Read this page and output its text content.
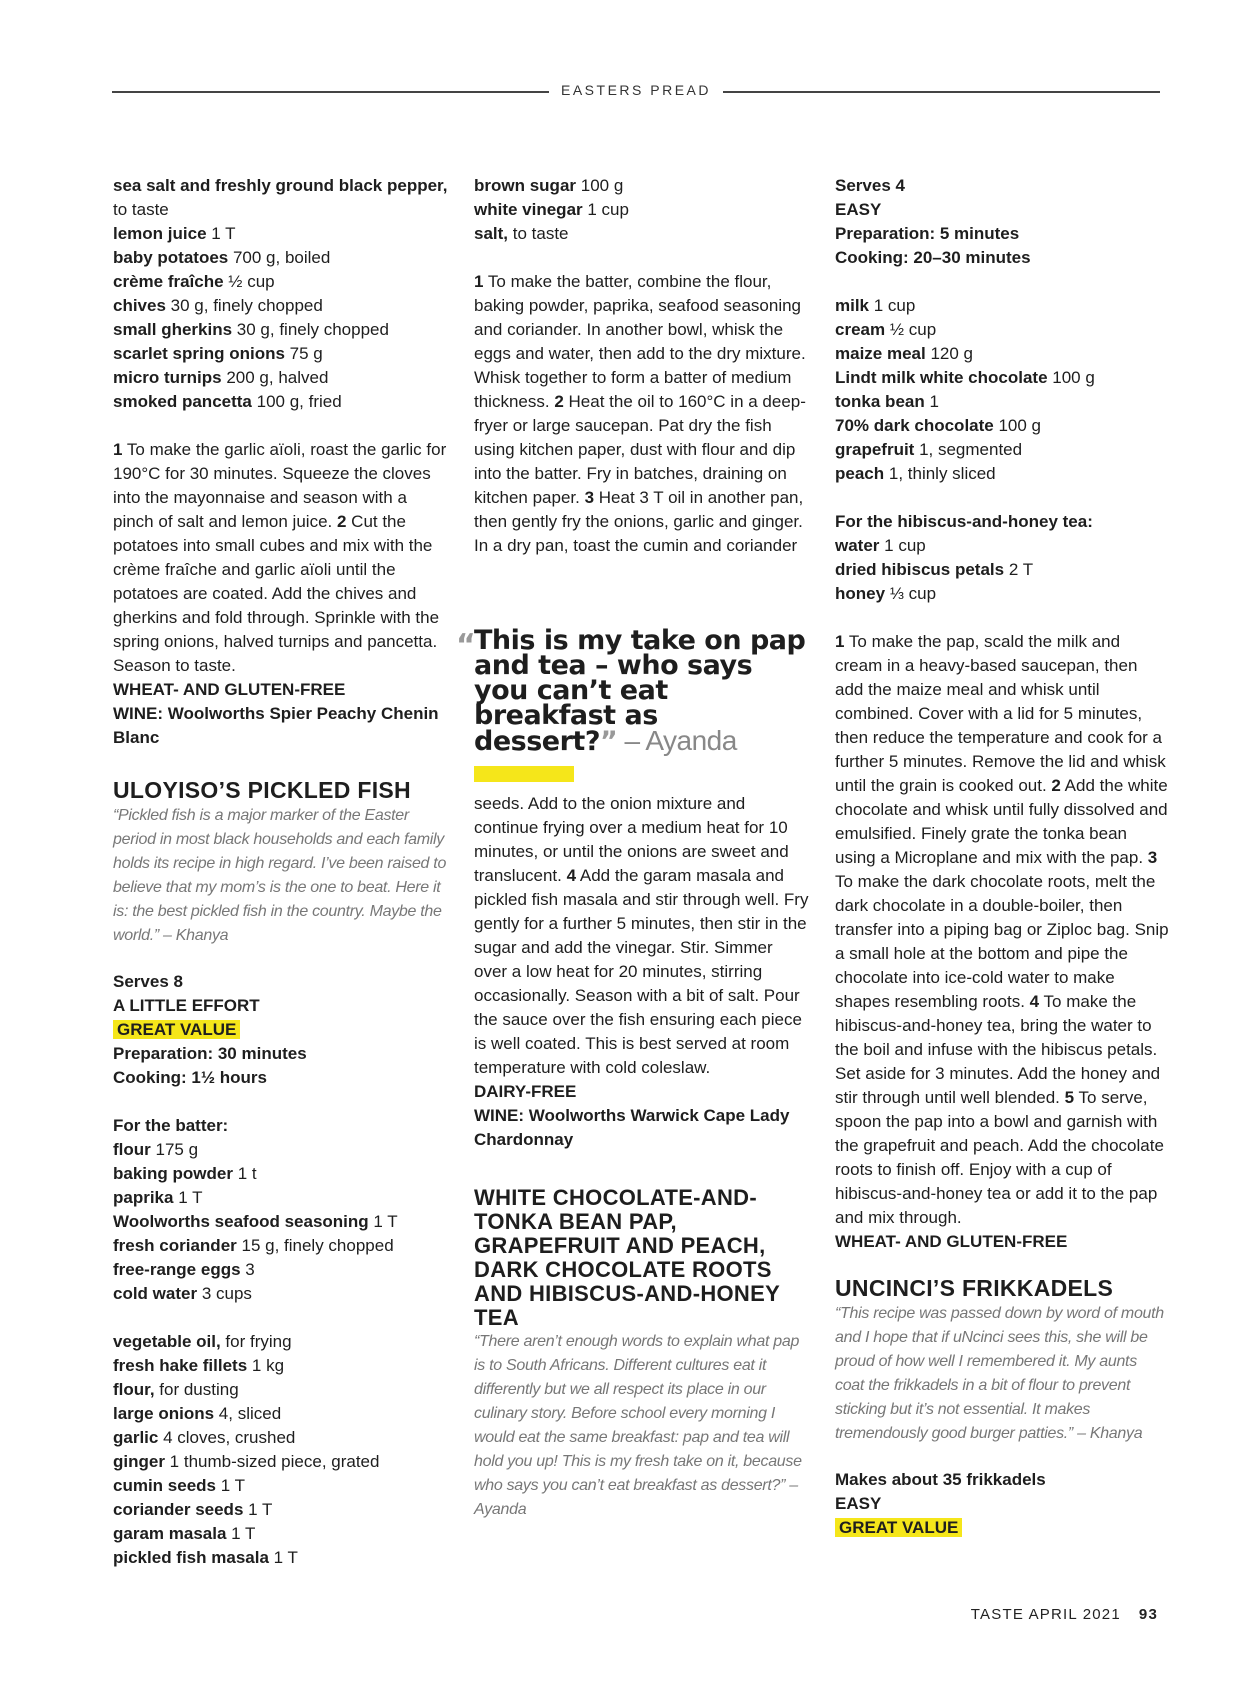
EASTERS PREAD

sea salt and freshly ground black pepper, to taste

lemon juice 1 T

baby potatoes 700 g, boiled

crème fraîche ½ cup

chives 30 g, finely chopped

small gherkins 30 g, finely chopped

scarlet spring onions 75 g

micro turnips 200 g, halved

smoked pancetta 100 g, fried

1 To make the garlic aïoli, roast the garlic for 190°C for 30 minutes. Squeeze the cloves into the mayonnaise and season with a pinch of salt and lemon juice. 2 Cut the potatoes into small cubes and mix with the crème fraîche and garlic aïoli until the potatoes are coated. Add the chives and gherkins and fold through. Sprinkle with the spring onions, halved turnips and pancetta. Season to taste.

WHEAT- AND GLUTEN-FREE

WINE: Woolworths Spier Peachy Chenin Blanc

ULOYISO’S PICKLED FISH

“Pickled fish is a major marker of the Easter period in most black households and each family holds its recipe in high regard. I’ve been raised to believe that my mom’s is the one to beat. Here it is: the best pickled fish in the country. Maybe the world.” – Khanya

Serves 8

A LITTLE EFFORT

GREAT VALUE

Preparation: 30 minutes

Cooking: 1½ hours

For the batter:

flour 175 g

baking powder 1 t

paprika 1 T

Woolworths seafood seasoning 1 T

fresh coriander 15 g, finely chopped

free-range eggs 3

cold water 3 cups

vegetable oil, for frying

fresh hake fillets 1 kg

flour, for dusting

large onions 4, sliced

garlic 4 cloves, crushed

ginger 1 thumb-sized piece, grated

cumin seeds 1 T

coriander seeds 1 T

garam masala 1 T

pickled fish masala 1 T

brown sugar 100 g

white vinegar 1 cup

salt, to taste

1 To make the batter, combine the flour, baking powder, paprika, seafood seasoning and coriander. In another bowl, whisk the eggs and water, then add to the dry mixture. Whisk together to form a batter of medium thickness. 2 Heat the oil to 160°C in a deep-fryer or large saucepan. Pat dry the fish using kitchen paper, dust with flour and dip into the batter. Fry in batches, draining on kitchen paper. 3 Heat 3 T oil in another pan, then gently fry the onions, garlic and ginger. In a dry pan, toast the cumin and coriander

seeds. Add to the onion mixture and continue frying over a medium heat for 10 minutes, or until the onions are sweet and translucent. 4 Add the garam masala and pickled fish masala and stir through well. Fry gently for a further 5 minutes, then stir in the sugar and add the vinegar. Stir. Simmer over a low heat for 20 minutes, stirring occasionally. Season with a bit of salt. Pour the sauce over the fish ensuring each piece is well coated. This is best served at room temperature with cold coleslaw.

DAIRY-FREE

WINE: Woolworths Warwick Cape Lady Chardonnay

WHITE CHOCOLATE-AND-TONKA BEAN PAP, GRAPEFRUIT AND PEACH, DARK CHOCOLATE ROOTS AND HIBISCUS-AND-HONEY TEA

“There aren’t enough words to explain what pap is to South Africans. Different cultures eat it differently but we all respect its place in our culinary story. Before school every morning I would eat the same breakfast: pap and tea will hold you up! This is my fresh take on it, because who says you can’t eat breakfast as dessert?” – Ayanda

“
This is my take on pap and tea – who says you can’t eat breakfast as dessert?” – Ayanda

Serves 4

EASY

Preparation: 5 minutes

Cooking: 20–30 minutes

milk 1 cup

cream ½ cup

maize meal 120 g

Lindt milk white chocolate 100 g

tonka bean 1

70% dark chocolate 100 g

grapefruit 1, segmented

peach 1, thinly sliced

For the hibiscus-and-honey tea:

water 1 cup

dried hibiscus petals 2 T

honey ⅓ cup

1 To make the pap, scald the milk and cream in a heavy-based saucepan, then add the maize meal and whisk until combined. Cover with a lid for 5 minutes, then reduce the temperature and cook for a further 5 minutes. Remove the lid and whisk until the grain is cooked out. 2 Add the white chocolate and whisk until fully dissolved and emulsified. Finely grate the tonka bean using a Microplane and mix with the pap. 3 To make the dark chocolate roots, melt the dark chocolate in a double-boiler, then transfer into a piping bag or Ziploc bag. Snip a small hole at the bottom and pipe the chocolate into ice-cold water to make shapes resembling roots. 4 To make the hibiscus-and-honey tea, bring the water to the boil and infuse with the hibiscus petals. Set aside for 3 minutes. Add the honey and stir through until well blended. 5 To serve, spoon the pap into a bowl and garnish with the grapefruit and peach. Add the chocolate roots to finish off. Enjoy with a cup of hibiscus-and-honey tea or add it to the pap and mix through.

WHEAT- AND GLUTEN-FREE

UNCINCI’S FRIKKADELS

“This recipe was passed down by word of mouth and I hope that if uNcinci sees this, she will be proud of how well I remembered it. My aunts coat the frikkadels in a bit of flour to prevent sticking but it’s not essential. It makes tremendously good burger patties.” – Khanya

Makes about 35 frikkadels

EASY

GREAT VALUE

TASTE APRIL 2021 93
